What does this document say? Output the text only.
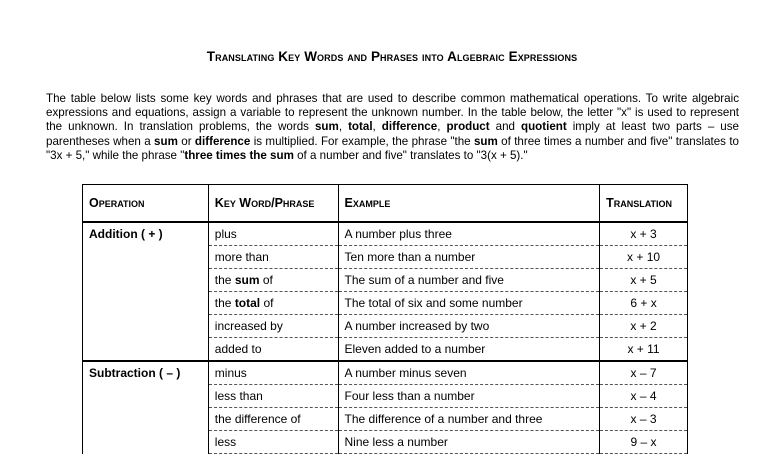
Translating Key Words and Phrases into Algebraic Expressions

The table below lists some key words and phrases that are used to describe common mathematical operations. To write algebraic expressions and equations, assign a variable to represent the unknown number. In the table below, the letter "x" is used to represent the unknown. In translation problems, the words sum, total, difference, product and quotient imply at least two parts – use parentheses when a sum or difference is multiplied. For example, the phrase "the sum of three times a number and five" translates to "3x + 5," while the phrase "three times the sum of a number and five" translates to "3(x + 5)."

Operation	Key Word/Phrase	Example	Translation
Addition ( + )	plus	A number plus three	x + 3
	more than	Ten more than a number	x + 10
	the sum of	The sum of a number and five	x + 5
	the total of	The total of six and some number	6 + x
	increased by	A number increased by two	x + 2
	added to	Eleven added to a number	x + 11
Subtraction ( – )	minus	A number minus seven	x – 7
	less than	Four less than a number	x – 4
	the difference of	The difference of a number and three	x – 3
	less	Nine less a number	9 – x
